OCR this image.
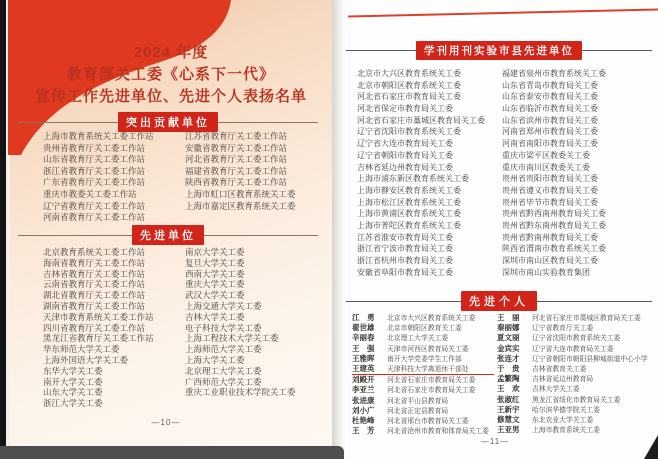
2024 年度
教育部关工委《心系下一代》
宣传工作先进单位、先进个人表扬名单
突出贡献单位
上海市教育系统关工委工作站
贵州省教育厅关工委工作站
山东省教育厅关工委工作站
浙江省教育厅关工委工作站
广东省教育厅关工委工作站
重庆市教委关工委工作站
辽宁省教育厅关工委工作站
河南省教育厅关工委工作站
江苏省教育厅关工委工作站
安徽省教育厅关工委工作站
河北省教育厅关工委工作站
福建省教育厅关工委工作站
陕西省教育厅关工委工作站
上海市虹口区教育系统关工委
上海市嘉定区教育系统关工委
先进单位
北京教育系统关工委工作站
海南省教育厅关工委工作站
吉林省教育厅关工委工作站
云南省教育厅关工委工作站
湖北省教育厅关工委工作站
湖南省教育厅关工委工作站
天津市教育系统关工委工作站
四川省教育厅关工委工作站
黑龙江省教育厅关工委工作站
华东师范大学关工委
上海外国语大学关工委
东华大学关工委
南开大学关工委
山东大学关工委
浙江大学关工委
南京大学关工委
复旦大学关工委
西南大学关工委
重庆大学关工委
武汉大学关工委
上海交通大学关工委
吉林大学关工委
电子科技大学关工委
上海工程技术大学关工委
上海师范大学关工委
上海大学关工委
北京理工大学关工委
广西师范大学关工委
重庆工业职业技术学院关工委
—10—
学刊用刊实验市县先进单位
北京市大兴区教育系统关工委
北京市朝阳区教育系统关工委
河北省石家庄市教育局关工委
河北省保定市教育局关工委
河北省石家庄市藁城区教育局关工委
辽宁省沈阳市教育系统关工委
辽宁省大连市教育局关工委
辽宁省朝阳市教育局关工委
吉林省延边州教育局关工委
上海市浦东新区教育系统关工委
上海市静安区教育系统关工委
上海市松江区教育系统关工委
上海市黄浦区教育系统关工委
上海市普陀区教育系统关工委
江苏省淮安市教育局关工委
浙江省宁波市教育局关工委
浙江省杭州市教育局关工委
安徽省阜阳市教育局关工委
福建省泉州市教育系统关工委
山东省青岛市教育局关工委
山东省泰安市教育局关工委
山东省临沂市教育局关工委
山东省滨州市教育局关工委
河南省郑州市教育局关工委
河南省南阳市教育局关工委
重庆市梁平区教委关工委
重庆市南川区教委关工委
贵州省贵阳市教育局关工委
贵州省遵义市教育局关工委
贵州省毕节市教育局关工委
贵州省黔西南州教育局关工委
贵州省黔东南州教育局关工委
贵州省黔南州教育局关工委
陕西省渭南市教育系统关工委
深圳市南山区教育局关工委
深圳市南山实验教育集团
先进个人
江　勇	北京市大兴区教育系统关工委
翟世雄	北京市朝阳区教育关工委
辛丽春	北京理工大学关工委
王　强	天津市河西区教育局关工委
王雅晖	南开大学党委学生工作部
王建英	天津科技大学离退休干部处
刘殿开	河北省石家庄市教育局关工委
李亚兰	河北省石家庄市教育局关工委
张进康	河北省平山县教育局
刘小广	河北省正定县教育局
杜艳峰	河北省邢台市教育局关工委
王　芳	河北省沧州市教育和体育局关工委
王　丽	河北省石家庄市藁城区教育局关工委
秦丽娜	辽宁省教育厅关工委
夏文丽	辽宁省沈阳市教育系统关工委
金宾实	辽宁省大连市教育局关工委
张连才	辽宁省朝阳市朝阳县柳城街道中心小学
于　贵	吉林省教育关工委
孟繁陶	吉林省延边州教育局
王　欢	吉林大学关工委
张淑红	黑龙江省绥化市教育局关工委
王新宇	哈尔滨华德学院关工委
修慧文	东北农业大学关工委
王亚男	上海市教育系统关工委
—11—
